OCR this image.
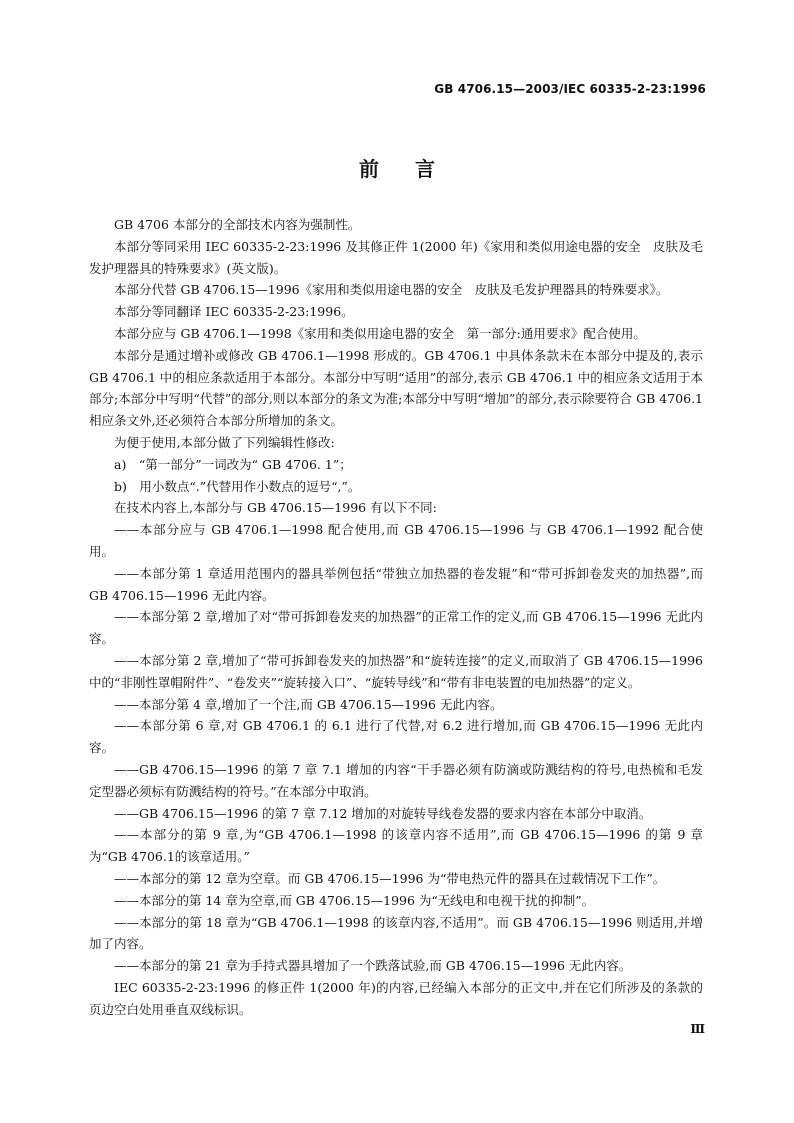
GB 4706.15—2003/IEC 60335-2-23:1996
前言

GB 4706 本部分的全部技术内容为强制性。

本部分等同采用 IEC 60335-2-23:1996 及其修正件 1(2000 年)《家用和类似用途电器的安全　皮肤及毛发护理器具的特殊要求》(英文版)。

本部分代替 GB 4706.15—1996《家用和类似用途电器的安全　皮肤及毛发护理器具的特殊要求》。

本部分等同翻译 IEC 60335-2-23:1996。

本部分应与 GB 4706.1—1998《家用和类似用途电器的安全　第一部分:通用要求》配合使用。

本部分是通过增补或修改 GB 4706.1—1998 形成的。GB 4706.1 中具体条款未在本部分中提及的,表示 GB 4706.1 中的相应条款适用于本部分。本部分中写明“适用”的部分,表示 GB 4706.1 中的相应条文适用于本部分;本部分中写明“代替”的部分,则以本部分的条文为准;本部分中写明“增加”的部分,表示除要符合 GB 4706.1 相应条文外,还必须符合本部分所增加的条文。

为便于使用,本部分做了下列编辑性修改:

a)　“第一部分”一词改为“ GB 4706. 1”；

b)　用小数点“.”代替用作小数点的逗号“,”。

在技术内容上,本部分与 GB 4706.15—1996 有以下不同:

——本部分应与 GB 4706.1—1998 配合使用,而 GB 4706.15—1996 与 GB 4706.1—1992 配合使用。

——本部分第 1 章适用范围内的器具举例包括“带独立加热器的卷发辊”和“带可拆卸卷发夹的加热器”,而 GB 4706.15—1996 无此内容。

——本部分第 2 章,增加了对“带可拆卸卷发夹的加热器”的正常工作的定义,而 GB 4706.15—1996 无此内容。

——本部分第 2 章,增加了“带可拆卸卷发夹的加热器”和“旋转连接”的定义,而取消了 GB 4706.15—1996中的“非刚性罩帽附件”、“卷发夹”“旋转接入口”、“旋转导线”和“带有非电装置的电加热器”的定义。

——本部分第 4 章,增加了一个注,而 GB 4706.15—1996 无此内容。

——本部分第 6 章,对 GB 4706.1 的 6.1 进行了代替,对 6.2 进行增加,而 GB 4706.15—1996 无此内容。

——GB 4706.15—1996 的第 7 章 7.1 增加的内容“干手器必须有防滴或防溅结构的符号,电热梳和毛发定型器必须标有防溅结构的符号。”在本部分中取消。

——GB 4706.15—1996 的第 7 章 7.12 增加的对旋转导线卷发器的要求内容在本部分中取消。

——本部分的第 9 章,为“GB 4706.1—1998 的该章内容不适用”,而 GB 4706.15—1996 的第 9 章为“GB 4706.1的该章适用。”

——本部分的第 12 章为空章。而 GB 4706.15—1996 为“带电热元件的器具在过载情况下工作”。

——本部分的第 14 章为空章,而 GB 4706.15—1996 为“无线电和电视干扰的抑制”。

——本部分的第 18 章为“GB 4706.1—1998 的该章内容,不适用”。而 GB 4706.15—1996 则适用,并增加了内容。

——本部分的第 21 章为手持式器具增加了一个跌落试验,而 GB 4706.15—1996 无此内容。

IEC 60335-2-23:1996 的修正件 1(2000 年)的内容,已经编入本部分的正文中,并在它们所涉及的条款的页边空白处用垂直双线标识。

Ⅲ
